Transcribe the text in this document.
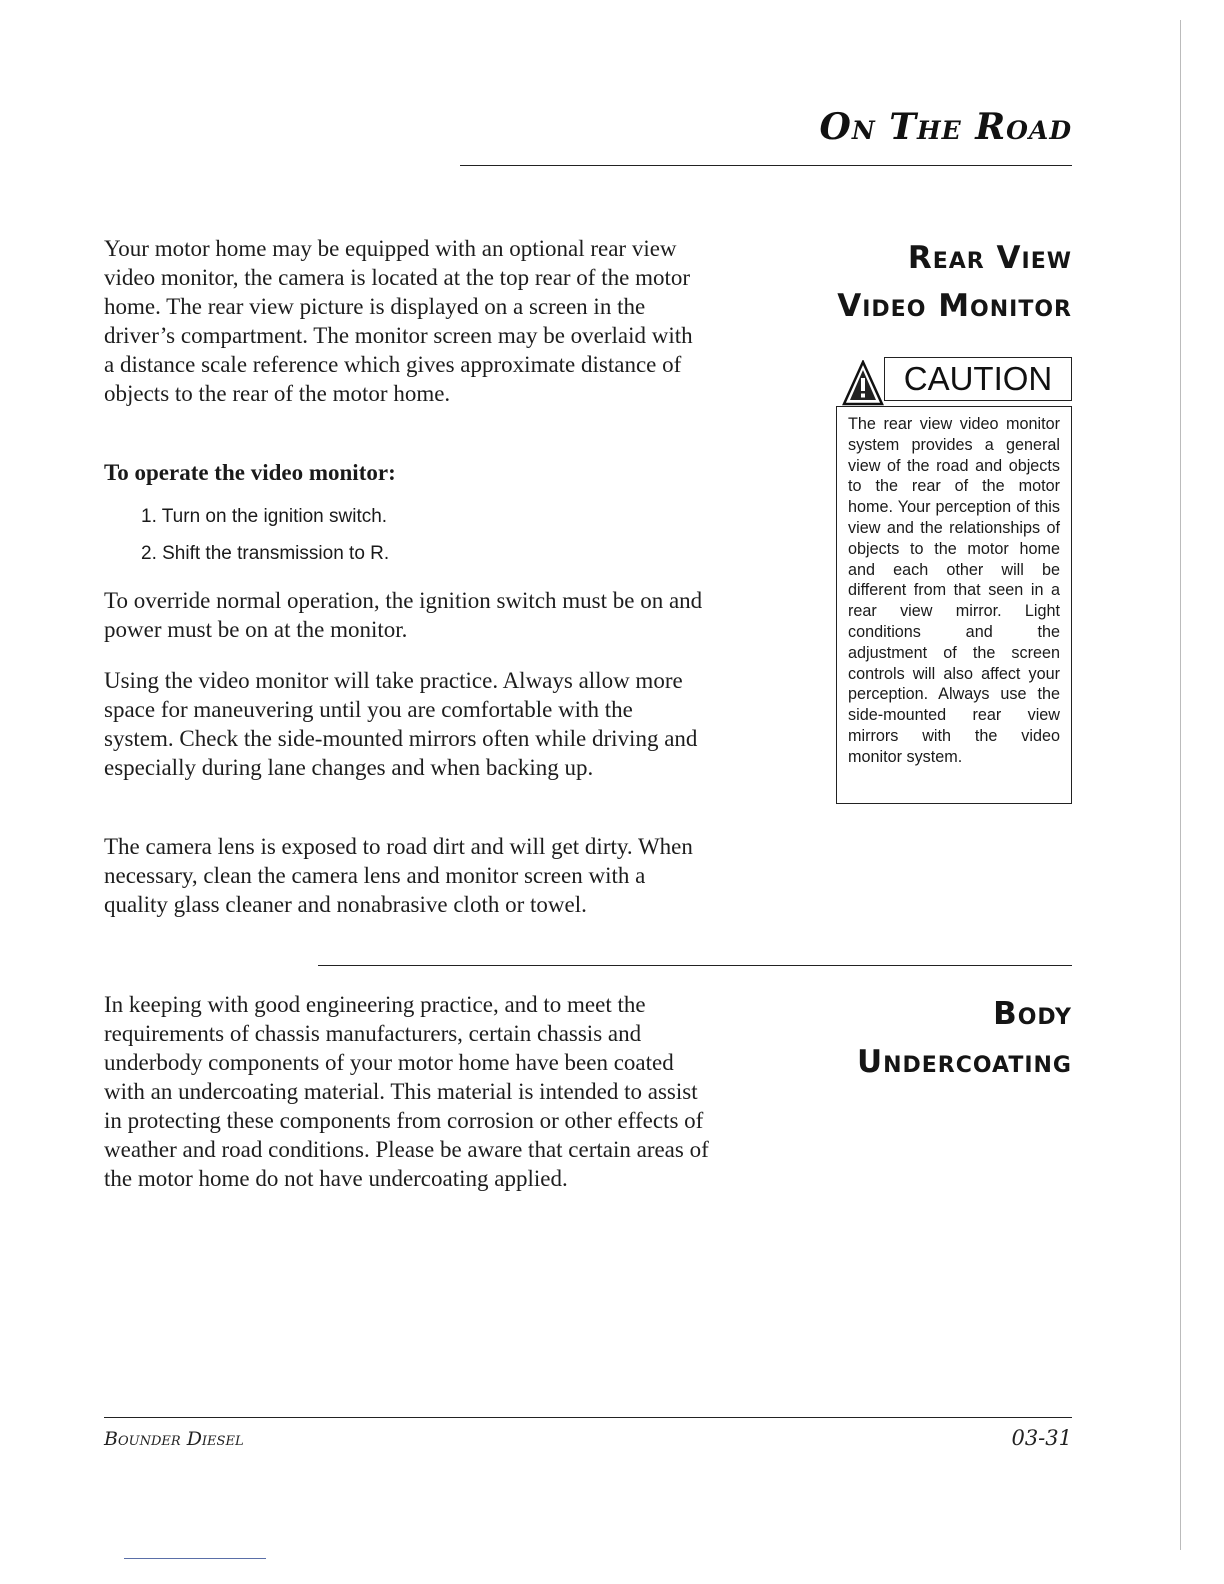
On The Road

Your motor home may be equipped with an optional rear view video monitor, the camera is located at the top rear of the motor home. The rear view picture is displayed on a screen in the driver’s compartment. The monitor screen may be overlaid with a distance scale reference which gives approximate distance of objects to the rear of the motor home.

To operate the video monitor:
1. Turn on the ignition switch.
2. Shift the transmission to R.

To override normal operation, the ignition switch must be on and power must be on at the monitor.

Using the video monitor will take practice. Always allow more space for maneuvering until you are comfortable with the system. Check the side-mounted mirrors often while driving and especially during lane changes and when backing up.

The camera lens is exposed to road dirt and will get dirty. When necessary, clean the camera lens and monitor screen with a quality glass cleaner and nonabrasive cloth or towel.

Rear View
Video Monitor
CAUTION

The rear view video monitor system provides a general view of the road and objects to the rear of the motor home. Your perception of this view and the relationships of objects to the motor home and each other will be different from that seen in a rear view mirror. Light conditions and the adjustment of the screen controls will also affect your perception. Always use the side-mounted rear view mirrors with the video monitor system.

In keeping with good engineering practice, and to meet the requirements of chassis manufacturers, certain chassis and underbody components of your motor home have been coated with an undercoating material. This material is intended to assist in protecting these components from corrosion or other effects of weather and road conditions. Please be aware that certain areas of the motor home do not have undercoating applied.

Body
Undercoating
Bounder Diesel	03-31
